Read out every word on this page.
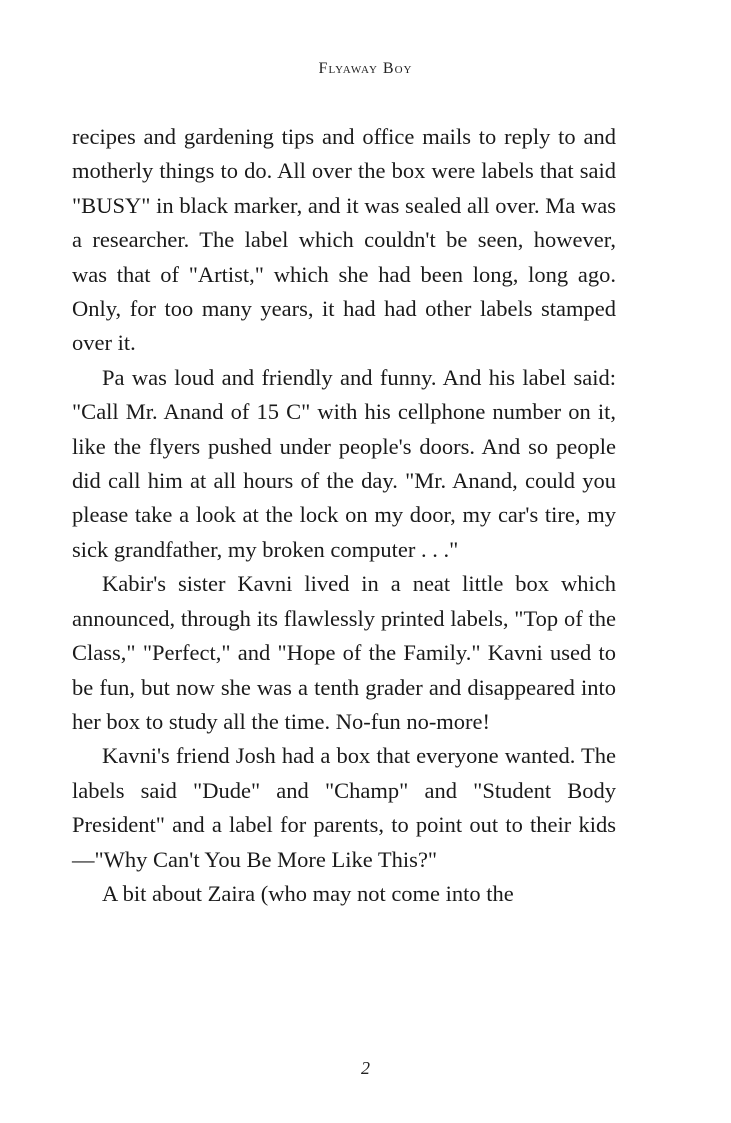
Flyaway Boy

recipes and gardening tips and office mails to reply to and motherly things to do. All over the box were labels that said "BUSY" in black marker, and it was sealed all over. Ma was a researcher. The label which couldn't be seen, however, was that of "Artist," which she had been long, long ago. Only, for too many years, it had had other labels stamped over it.

Pa was loud and friendly and funny. And his label said: "Call Mr. Anand of 15 C" with his cellphone number on it, like the flyers pushed under people's doors. And so people did call him at all hours of the day. "Mr. Anand, could you please take a look at the lock on my door, my car's tire, my sick grandfather, my broken computer . . ."

Kabir's sister Kavni lived in a neat little box which announced, through its flawlessly printed labels, "Top of the Class," "Perfect," and "Hope of the Family." Kavni used to be fun, but now she was a tenth grader and disappeared into her box to study all the time. No-fun no-more!

Kavni's friend Josh had a box that everyone wanted. The labels said "Dude" and "Champ" and "Student Body President" and a label for parents, to point out to their kids—"Why Can't You Be More Like This?"

A bit about Zaira (who may not come into the

2
